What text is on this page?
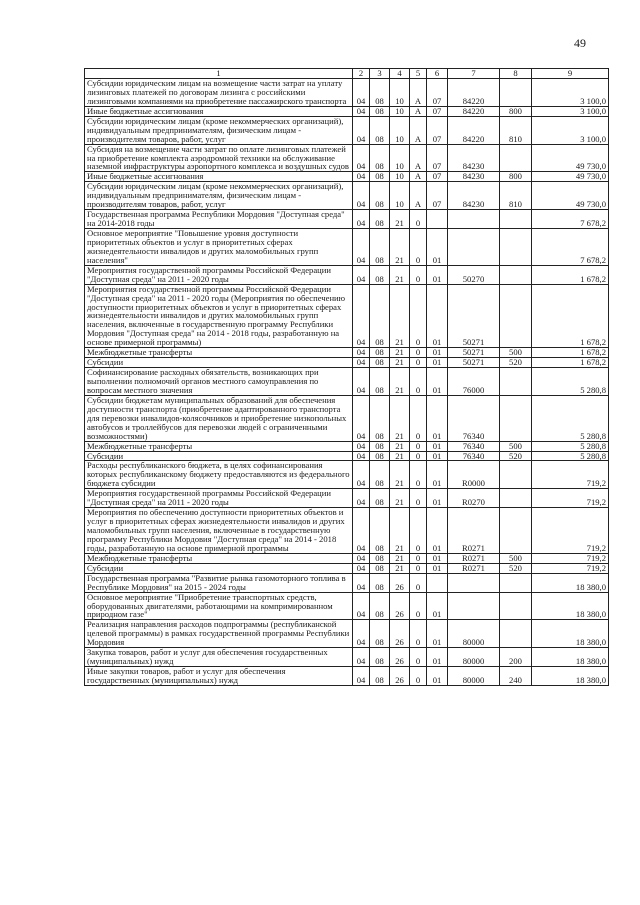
49
1	2	3	4	5	6	7	8	9
Субсидии юридическим лицам на возмещение части затрат на уплату лизинговых платежей по договорам лизинга с российскими лизинговыми компаниями на приобретение пассажирского транспорта	04	08	10	А	07	84220		3 100,0
Иные бюджетные ассигнования	04	08	10	А	07	84220	800	3 100,0
Субсидии юридическим лицам (кроме некоммерческих организаций), индивидуальным предпринимателям, физическим лицам - производителям товаров, работ, услуг	04	08	10	А	07	84220	810	3 100,0
Субсидия на возмещение части затрат по оплате лизинговых платежей на приобретение комплекта аэродромной техники на обслуживание наземной инфраструктуры аэропортного комплекса и воздушных судов	04	08	10	А	07	84230		49 730,0
Иные бюджетные ассигнования	04	08	10	А	07	84230	800	49 730,0
Субсидии юридическим лицам (кроме некоммерческих организаций), индивидуальным предпринимателям, физическим лицам - производителям товаров, работ, услуг	04	08	10	А	07	84230	810	49 730,0
Государственная программа Республики Мордовия "Доступная среда" на 2014-2018 годы	04	08	21	0				7 678,2
Основное мероприятие "Повышение уровня доступности приоритетных объектов и услуг в приоритетных сферах жизнедеятельности инвалидов и других маломобильных групп населения"	04	08	21	0	01			7 678,2
Мероприятия государственной программы Российской Федерации "Доступная среда" на 2011 - 2020 годы	04	08	21	0	01	50270		1 678,2
Мероприятия государственной программы Российской Федерации "Доступная среда" на 2011 - 2020 годы (Мероприятия по обеспечению доступности приоритетных объектов и услуг в приоритетных сферах жизнедеятельности инвалидов и других маломобильных групп населения, включенные в государственную программу Республики Мордовия "Доступная среда" на 2014 - 2018 годы, разработанную на основе примерной программы)	04	08	21	0	01	50271		1 678,2
Межбюджетные трансферты	04	08	21	0	01	50271	500	1 678,2
Субсидии	04	08	21	0	01	50271	520	1 678,2
Софинансирование расходных обязательств, возникающих при выполнении полномочий органов местного самоуправления по вопросам местного значения	04	08	21	0	01	76000		5 280,8
Субсидии бюджетам муниципальных образований для обеспечения доступности транспорта (приобретение адаптированного транспорта для перевозки инвалидов-колясочников и приобретение низкопольных автобусов и троллейбусов для перевозки людей с ограниченными возможностями)	04	08	21	0	01	76340		5 280,8
Межбюджетные трансферты	04	08	21	0	01	76340	500	5 280,8
Субсидии	04	08	21	0	01	76340	520	5 280,8
Расходы республиканского бюджета, в целях софинансирования которых республиканскому бюджету предоставляются из федерального бюджета субсидии	04	08	21	0	01	R0000		719,2
Мероприятия государственной программы Российской Федерации "Доступная среда" на 2011 - 2020 годы	04	08	21	0	01	R0270		719,2
Мероприятия по обеспечению доступности приоритетных объектов и услуг в приоритетных сферах жизнедеятельности инвалидов и других маломобильных групп населения, включенные в государственную программу Республики Мордовия "Доступная среда" на 2014 - 2018 годы, разработанную на основе примерной программы	04	08	21	0	01	R0271		719,2
Межбюджетные трансферты	04	08	21	0	01	R0271	500	719,2
Субсидии	04	08	21	0	01	R0271	520	719,2
Государственная программа "Развитие рынка газомоторного топлива в Республике Мордовия" на 2015 - 2024 годы	04	08	26	0				18 380,0
Основное мероприятие "Приобретение транспортных средств, оборудованных двигателями, работающими на компримированном природном газе"	04	08	26	0	01			18 380,0
Реализация направления расходов подпрограммы (республиканской целевой программы) в рамках государственной программы Республики Мордовия	04	08	26	0	01	80000		18 380,0
Закупка товаров, работ и услуг для обеспечения государственных (муниципальных) нужд	04	08	26	0	01	80000	200	18 380,0
Иные закупки товаров, работ и услуг для обеспечения государственных (муниципальных) нужд	04	08	26	0	01	80000	240	18 380,0
